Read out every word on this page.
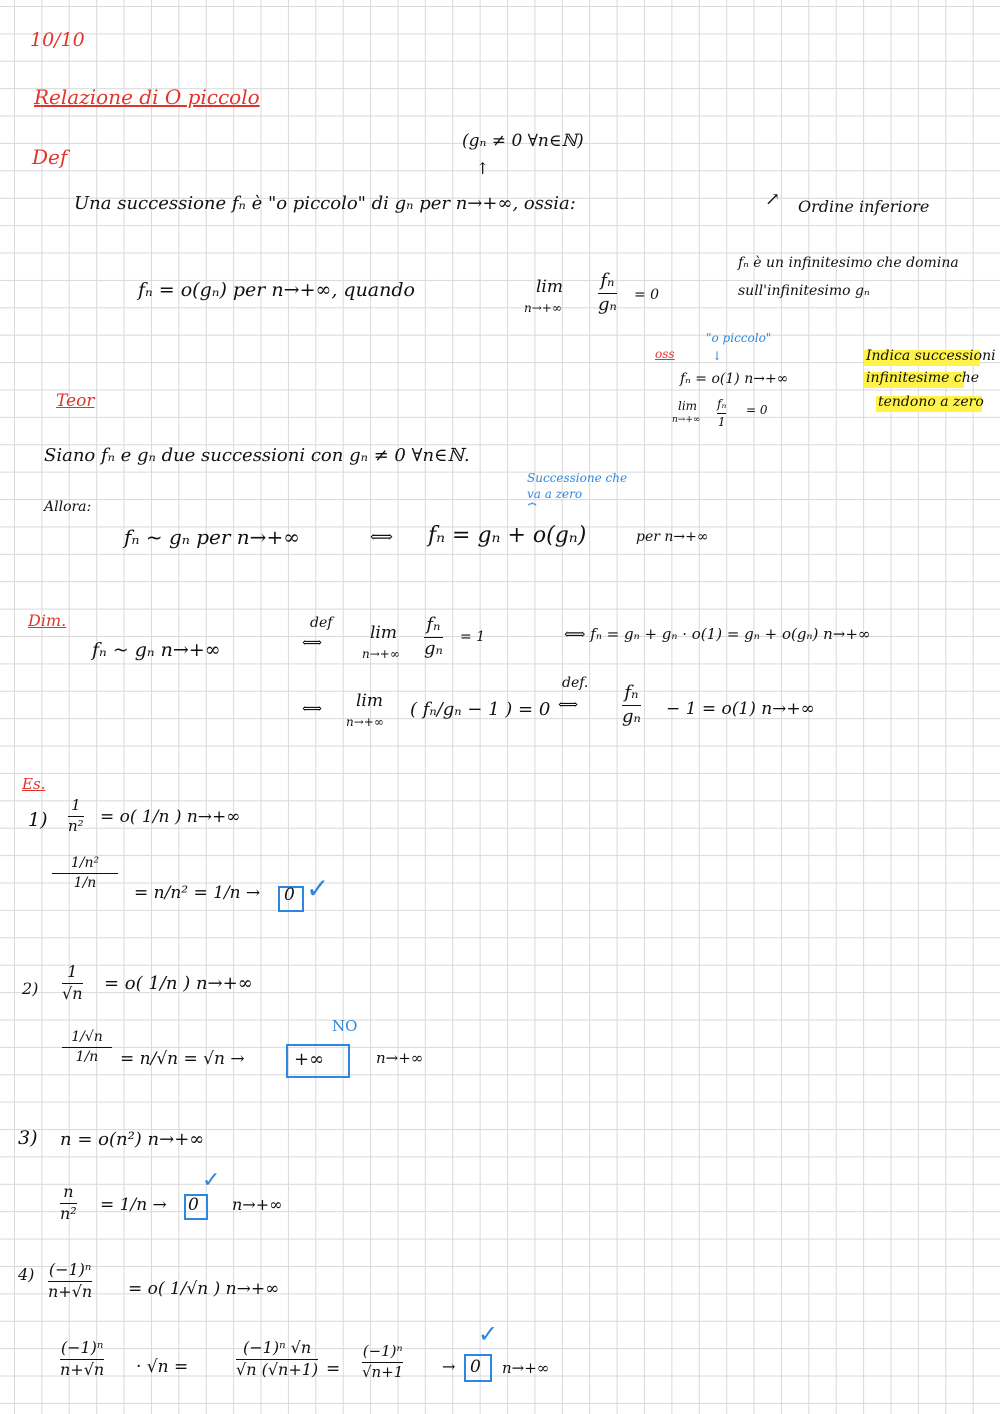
10/10
Relazione di O piccolo
Def
(gₙ ≠ 0 ∀n∈ℕ)
↑
Una successione fₙ è "o piccolo" di gₙ per n→+∞, ossia:	↗ Ordine inferiore
fₙ = o(gₙ) per n→+∞, quando	lim
n→+∞
fₙ
gₙ = 0
fₙ è un infinitesimo che domina
sull'infinitesimo gₙ
oss
"o piccolo"
↓
fₙ = o(1) n→+∞
lim
n→+∞
fₙ
1
= 0
Indica successioni
infinitesime che
tendono a zero
Teor
Siano fₙ e gₙ due successioni con gₙ ≠ 0 ∀n∈ℕ.
Allora:
Successione che
va a zero
⏞
fₙ ~ gₙ per n→+∞	⟺ fₙ = gₙ + o(gₙ)	per n→+∞
Dim.
fₙ ~ gₙ n→+∞
def
⟺	lim
n→+∞
fₙ
gₙ
= 1	⟺ fₙ = gₙ + gₙ · o(1) = gₙ + o(gₙ) n→+∞
⟺ lim
n→+∞
( fₙ/gₙ − 1 ) = 0
def.
⟺
fₙ
gₙ − 1 = o(1) n→+∞
Es.
1)
1
n² = o( 1/n ) n→+∞
1/n²
1/n
= n/n² = 1/n → 0 ✓
2)
1
√n = o( 1/n ) n→+∞
NO
1/√n
1/n = n/√n = √n →	+∞	n→+∞
3) n = o(n²) n→+∞
n
n² = 1/n → 0
✓
n→+∞
4) (−1)ⁿ
n+√n = o( 1/√n ) n→+∞
(−1)ⁿ
n+√n · √n =
(−1)ⁿ √n
√n (√n+1) =
(−1)ⁿ
√n+1 → 0
✓
n→+∞
